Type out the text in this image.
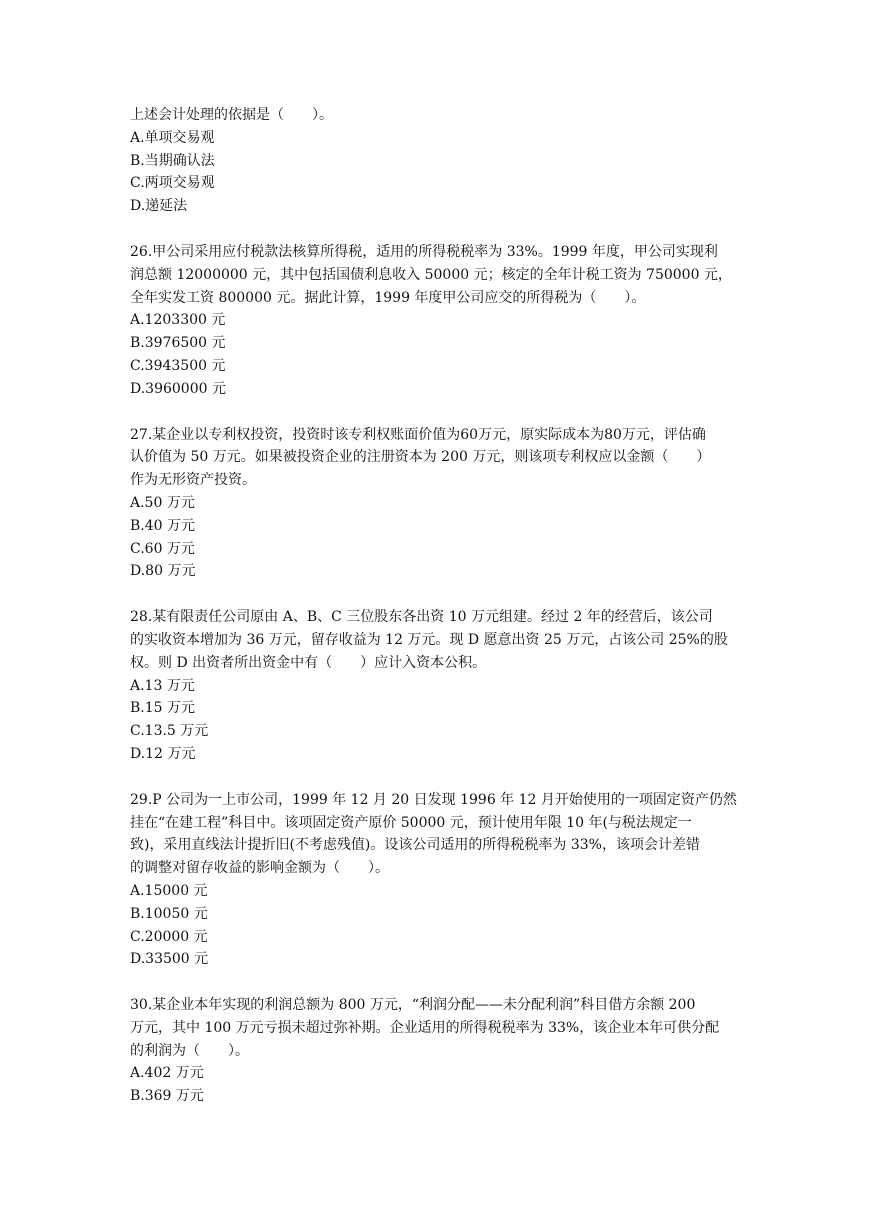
上述会计处理的依据是（　　）。
A.单项交易观
B.当期确认法
C.两项交易观
D.递延法
26.甲公司采用应付税款法核算所得税，适用的所得税税率为 33%。1999 年度，甲公司实现利
润总额 12000000 元，其中包括国债利息收入 50000 元；核定的全年计税工资为 750000 元，
全年实发工资 800000 元。据此计算，1999 年度甲公司应交的所得税为（　　）。
A.1203300 元
B.3976500 元
C.3943500 元
D.3960000 元
27.某企业以专利权投资，投资时该专利权账面价值为60万元，原实际成本为80万元，评估确
认价值为 50 万元。如果被投资企业的注册资本为 200 万元，则该项专利权应以金额（　　）
作为无形资产投资。
A.50 万元
B.40 万元
C.60 万元
D.80 万元
28.某有限责任公司原由 A、B、C 三位股东各出资 10 万元组建。经过 2 年的经营后，该公司
的实收资本增加为 36 万元，留存收益为 12 万元。现 D 愿意出资 25 万元，占该公司 25%的股
权。则 D 出资者所出资金中有（　　）应计入资本公积。
A.13 万元
B.15 万元
C.13.5 万元
D.12 万元
29.P 公司为一上市公司，1999 年 12 月 20 日发现 1996 年 12 月开始使用的一项固定资产仍然
挂在“在建工程”科目中。该项固定资产原价 50000 元，预计使用年限 10 年(与税法规定一
致)，采用直线法计提折旧(不考虑残值)。设该公司适用的所得税税率为 33%，该项会计差错
的调整对留存收益的影响金额为（　　）。
A.15000 元
B.10050 元
C.20000 元
D.33500 元
30.某企业本年实现的利润总额为 800 万元，“利润分配——未分配利润”科目借方余额 200
万元，其中 100 万元亏损未超过弥补期。企业适用的所得税税率为 33%，该企业本年可供分配
的利润为（　　）。
A.402 万元
B.369 万元
